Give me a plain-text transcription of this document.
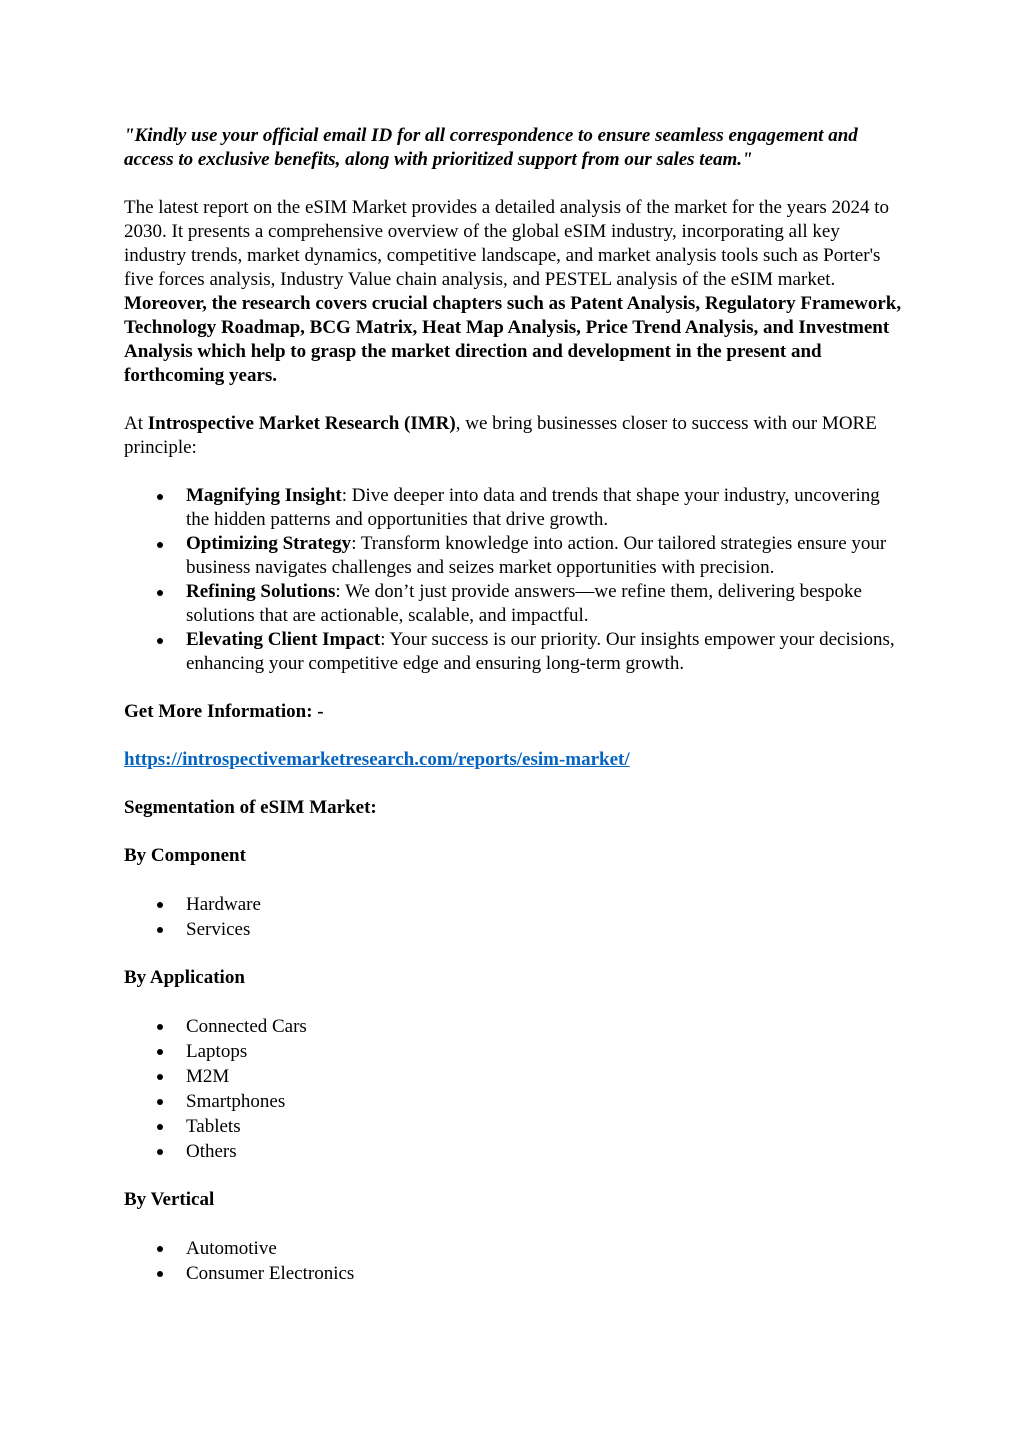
"Kindly use your official email ID for all correspondence to ensure seamless engagement and access to exclusive benefits, along with prioritized support from our sales team."

The latest report on the eSIM Market provides a detailed analysis of the market for the years 2024 to 2030. It presents a comprehensive overview of the global eSIM industry, incorporating all key industry trends, market dynamics, competitive landscape, and market analysis tools such as Porter's five forces analysis, Industry Value chain analysis, and PESTEL analysis of the eSIM market. Moreover, the research covers crucial chapters such as Patent Analysis, Regulatory Framework, Technology Roadmap, BCG Matrix, Heat Map Analysis, Price Trend Analysis, and Investment Analysis which help to grasp the market direction and development in the present and forthcoming years.

At Introspective Market Research (IMR), we bring businesses closer to success with our MORE principle:

Magnifying Insight: Dive deeper into data and trends that shape your industry, uncovering the hidden patterns and opportunities that drive growth.
Optimizing Strategy: Transform knowledge into action. Our tailored strategies ensure your business navigates challenges and seizes market opportunities with precision.
Refining Solutions: We don’t just provide answers—we refine them, delivering bespoke solutions that are actionable, scalable, and impactful.
Elevating Client Impact: Your success is our priority. Our insights empower your decisions, enhancing your competitive edge and ensuring long-term growth.

Get More Information: -

https://introspectivemarketresearch.com/reports/esim-market/

Segmentation of eSIM Market:

By Component

Hardware
Services

By Application

Connected Cars
Laptops
M2M
Smartphones
Tablets
Others

By Vertical

Automotive
Consumer Electronics
